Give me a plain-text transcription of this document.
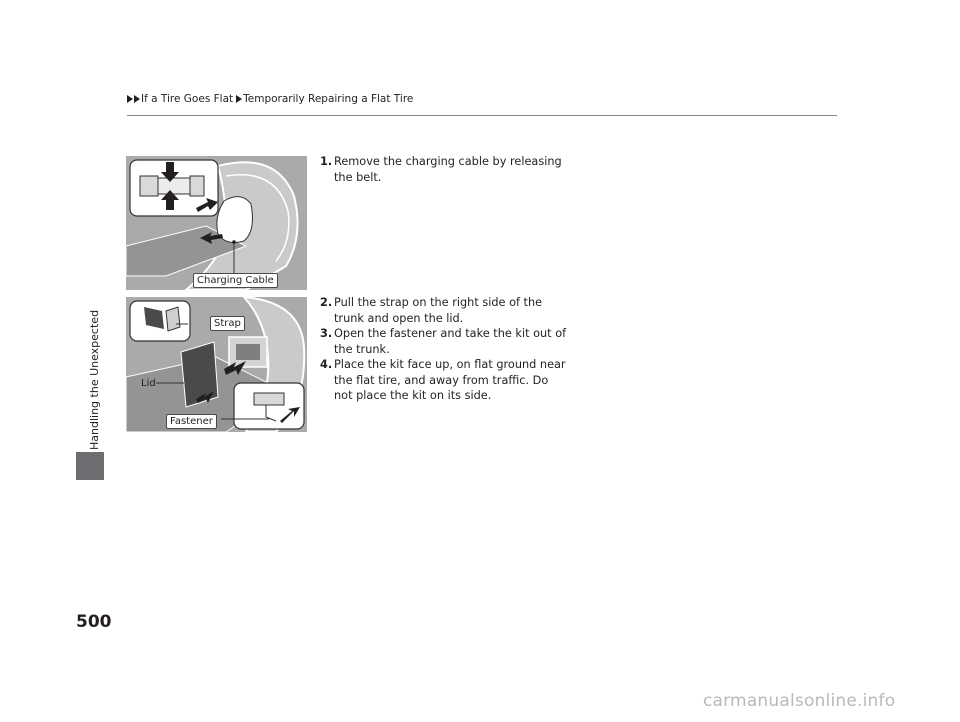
If a Tire Goes Flat Temporarily Repairing a Flat Tire
Handling the Unexpected
500
Charging Cable
Strap
Lid
Fastener
1. Remove the charging cable by releasing the belt.
2. Pull the strap on the right side of the trunk and open the lid.
3. Open the fastener and take the kit out of the trunk.
4. Place the kit face up, on flat ground near the flat tire, and away from traffic. Do not place the kit on its side.
carmanualsonline.info
